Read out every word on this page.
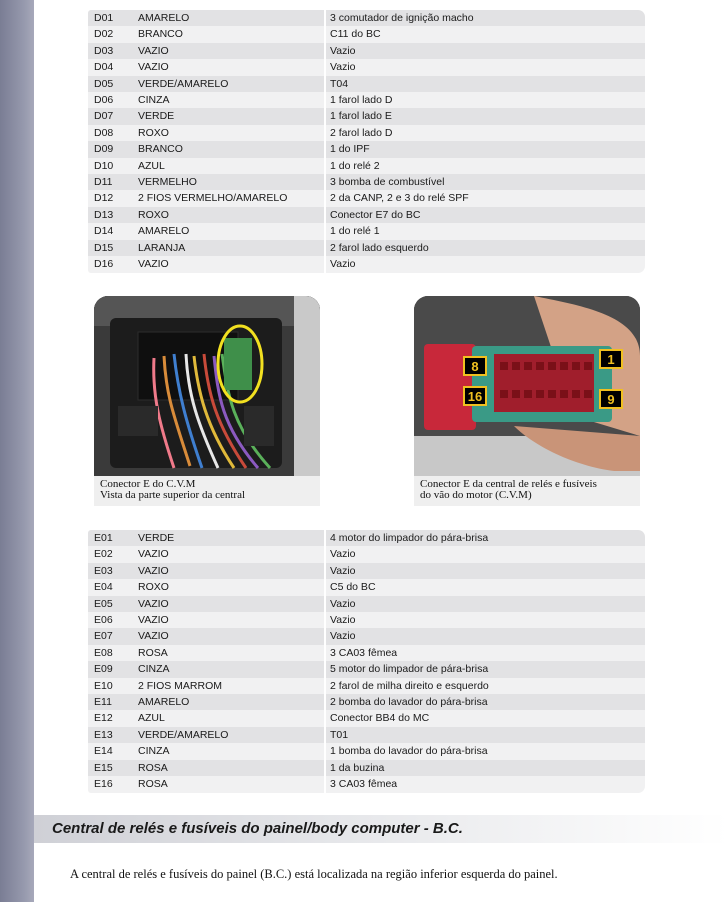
D01	AMARELO	3 comutador de ignição macho
D02	BRANCO	C11 do BC
D03	VAZIO	Vazio
D04	VAZIO	Vazio
D05	VERDE/AMARELO	T04
D06	CINZA	1 farol lado D
D07	VERDE	1 farol lado E
D08	ROXO	2 farol lado D
D09	BRANCO	1 do IPF
D10	AZUL	1 do relé 2
D11	VERMELHO	3 bomba de combustível
D12	2 FIOS VERMELHO/AMARELO	2 da CANP, 2 e 3 do relé SPF
D13	ROXO	Conector E7 do BC
D14	AMARELO	1 do relé 1
D15	LARANJA	2 farol lado esquerdo
D16	VAZIO	Vazio
Conector E do C.V.M
Vista da parte superior da central
8	1
16	9
Conector E da central de relés e fusíveis
do vão do motor (C.V.M)
E01	VERDE	4 motor do limpador do pára-brisa
E02	VAZIO	Vazio
E03	VAZIO	Vazio
E04	ROXO	C5 do BC
E05	VAZIO	Vazio
E06	VAZIO	Vazio
E07	VAZIO	Vazio
E08	ROSA	3 CA03 fêmea
E09	CINZA	5 motor do limpador de pára-brisa
E10	2 FIOS MARROM	2 farol de milha direito e esquerdo
E11	AMARELO	2 bomba do lavador do pára-brisa
E12	AZUL	Conector BB4 do MC
E13	VERDE/AMARELO	T01
E14	CINZA	1 bomba do lavador do pára-brisa
E15	ROSA	1 da buzina
E16	ROSA	3 CA03 fêmea
Central de relés e fusíveis do painel/body computer - B.C.
A central de relés e fusíveis do painel (B.C.) está localizada na região inferior esquerda do painel.
